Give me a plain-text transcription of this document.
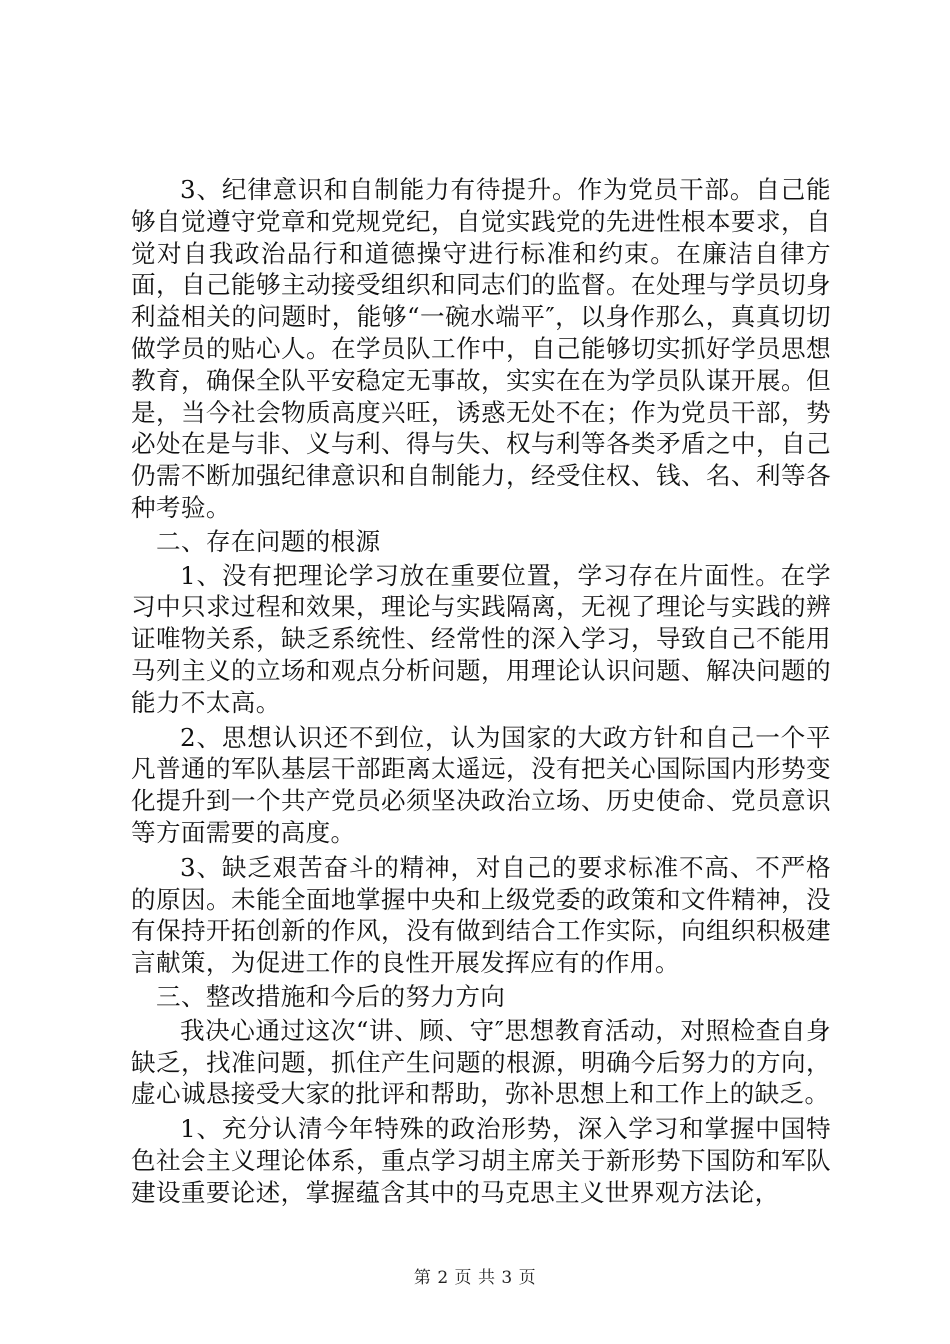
3、纪律意识和自制能力有待提升。作为党员干部。自己能够自觉遵守党章和党规党纪，自觉实践党的先进性根本要求，自觉对自我政治品行和道德操守进行标准和约束。在廉洁自律方面，自己能够主动接受组织和同志们的监督。在处理与学员切身利益相关的问题时，能够“一碗水端平″，以身作那么，真真切切做学员的贴心人。在学员队工作中，自己能够切实抓好学员思想教育，确保全队平安稳定无事故，实实在在为学员队谋开展。但是，当今社会物质高度兴旺，诱惑无处不在；作为党员干部，势必处在是与非、义与利、得与失、权与利等各类矛盾之中，自己仍需不断加强纪律意识和自制能力，经受住权、钱、名、利等各种考验。

二、存在问题的根源

1、没有把理论学习放在重要位置，学习存在片面性。在学习中只求过程和效果，理论与实践隔离，无视了理论与实践的辨证唯物关系，缺乏系统性、经常性的深入学习，导致自己不能用马列主义的立场和观点分析问题，用理论认识问题、解决问题的能力不太高。

2、思想认识还不到位，认为国家的大政方针和自己一个平凡普通的军队基层干部距离太遥远，没有把关心国际国内形势变化提升到一个共产党员必须坚决政治立场、历史使命、党员意识等方面需要的高度。

3、缺乏艰苦奋斗的精神，对自己的要求标准不高、不严格的原因。未能全面地掌握中央和上级党委的政策和文件精神，没有保持开拓创新的作风，没有做到结合工作实际，向组织积极建言献策，为促进工作的良性开展发挥应有的作用。

三、整改措施和今后的努力方向

我决心通过这次“讲、顾、守″思想教育活动，对照检查自身缺乏，找准问题，抓住产生问题的根源，明确今后努力的方向，虚心诚恳接受大家的批评和帮助，弥补思想上和工作上的缺乏。

1、充分认清今年特殊的政治形势，深入学习和掌握中国特色社会主义理论体系，重点学习胡主席关于新形势下国防和军队建设重要论述，掌握蕴含其中的马克思主义世界观方法论，

第 2 页 共 3 页
